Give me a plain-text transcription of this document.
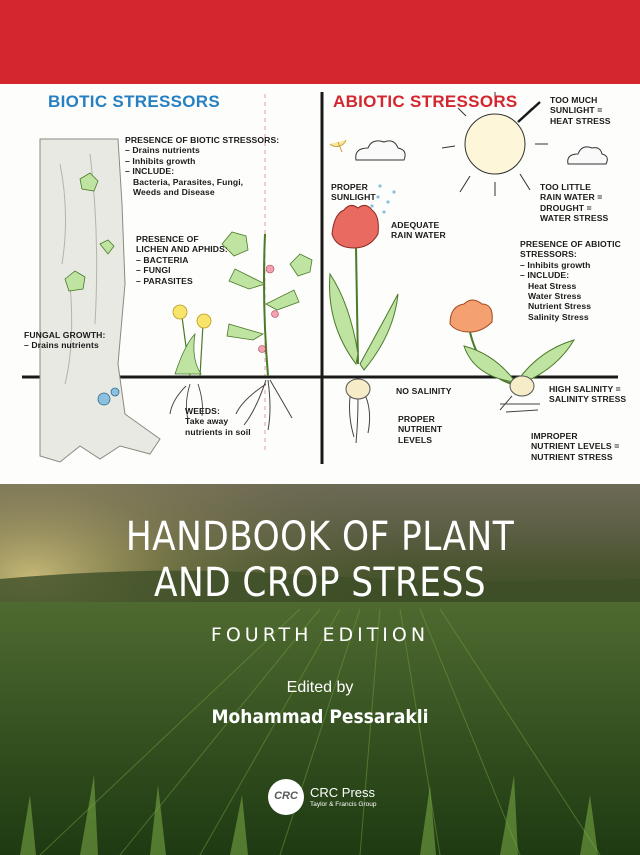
BIOTIC STRESSORS	ABIOTIC STRESSORS
PRESENCE OF BIOTIC STRESSORS:
– Drains nutrients
– Inhibits growth
– INCLUDE:
Bacteria, Parasites, Fungi,
Weeds and Disease
PRESENCE OF
LICHEN AND APHIDS:
– BACTERIA
– FUNGI
– PARASITES
FUNGAL GROWTH:
– Drains nutrients
WEEDS:
Take away
nutrients in soil
TOO MUCH
SUNLIGHT =
HEAT STRESS
PROPER
SUNLIGHT
ADEQUATE
RAIN WATER
TOO LITTLE
RAIN WATER =
DROUGHT =
WATER STRESS
PRESENCE OF ABIOTIC
STRESSORS:
– Inhibits growth
– INCLUDE:
Heat Stress
Water Stress
Nutrient Stress
Salinity Stress
NO SALINITY
PROPER
NUTRIENT
LEVELS
HIGH SALINITY =
SALINITY STRESS
IMPROPER
NUTRIENT LEVELS =
NUTRIENT STRESS
HANDBOOK OF PLANT
AND CROP STRESS
FOURTH EDITION
Edited by
Mohammad Pessarakli
CRC CRC Press
Taylor & Francis Group
